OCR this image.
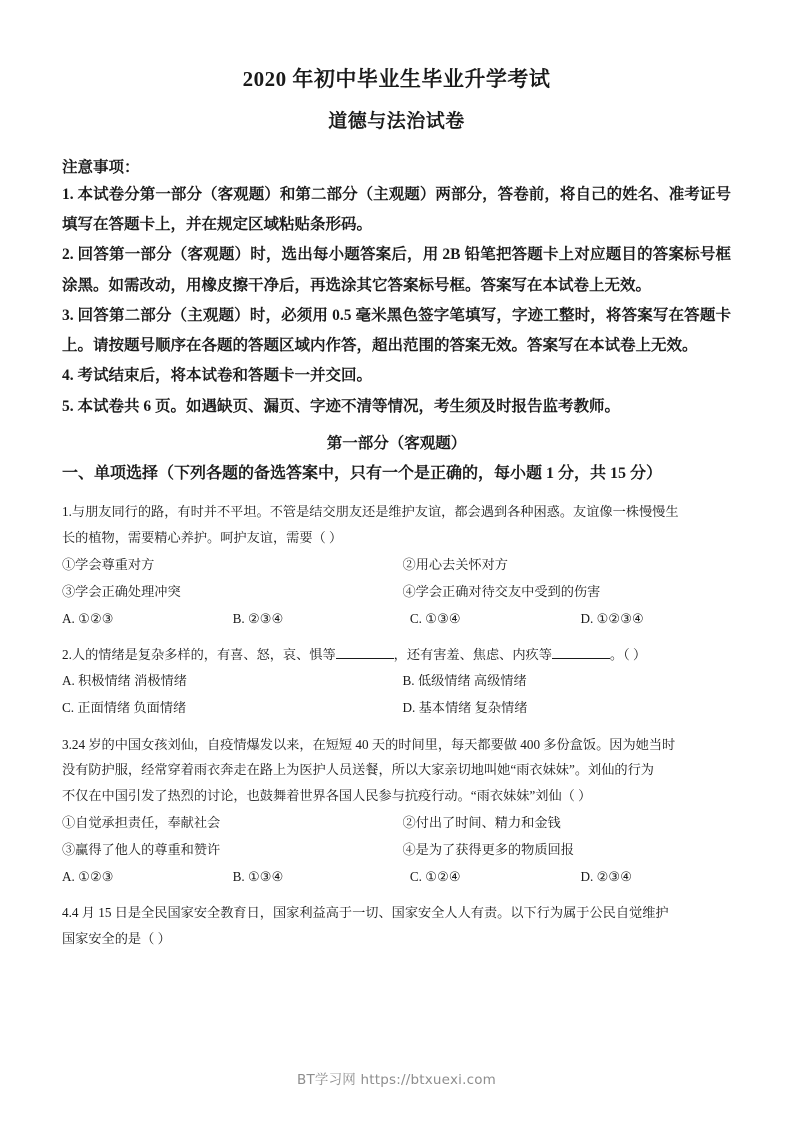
2020 年初中毕业生毕业升学考试
道德与法治试卷
注意事项：
1. 本试卷分第一部分（客观题）和第二部分（主观题）两部分，答卷前，将自己的姓名、准考证号填写在答题卡上，并在规定区域粘贴条形码。
2. 回答第一部分（客观题）时，选出每小题答案后，用 2B 铅笔把答题卡上对应题目的答案标号框涂黑。如需改动，用橡皮擦干净后，再选涂其它答案标号框。答案写在本试卷上无效。
3. 回答第二部分（主观题）时，必须用 0.5 毫米黑色签字笔填写，字迹工整时，将答案写在答题卡上。请按题号顺序在各题的答题区域内作答，超出范围的答案无效。答案写在本试卷上无效。
4. 考试结束后，将本试卷和答题卡一并交回。
5. 本试卷共 6 页。如遇缺页、漏页、字迹不清等情况，考生须及时报告监考教师。
第一部分（客观题）
一、单项选择（下列各题的备选答案中，只有一个是正确的，每小题 1 分，共 15 分）
1.与朋友同行的路，有时并不平坦。不管是结交朋友还是维护友谊，都会遇到各种困惑。友谊像一株慢慢生
长的植物，需要精心养护。呵护友谊，需要（ ）
①学会尊重对方	②用心去关怀对方
③学会正确处理冲突	④学会正确对待交友中受到的伤害
A. ①②③	B. ②③④	C. ①③④	D. ①②③④
2.人的情绪是复杂多样的，有喜、怒，哀、惧等	，还有害羞、焦虑、内疚等	。（ ）
A. 积极情绪 消极情绪	B. 低级情绪 高级情绪
C. 正面情绪 负面情绪	D. 基本情绪 复杂情绪
3.24 岁的中国女孩刘仙，自疫情爆发以来，在短短 40 天的时间里，每天都要做 400 多份盒饭。因为她当时
没有防护服，经常穿着雨衣奔走在路上为医护人员送餐，所以大家亲切地叫她“雨衣妹妹”。刘仙的行为
不仅在中国引发了热烈的讨论，也鼓舞着世界各国人民参与抗疫行动。“雨衣妹妹”刘仙（ ）
①自觉承担责任，奉献社会	②付出了时间、精力和金钱
③赢得了他人的尊重和赞许	④是为了获得更多的物质回报
A. ①②③	B. ①③④	C. ①②④	D. ②③④
4.4 月 15 日是全民国家安全教育日，国家利益高于一切、国家安全人人有责。以下行为属于公民自觉维护
国家安全的是（ ）
BT学习网 https://btxuexi.com
